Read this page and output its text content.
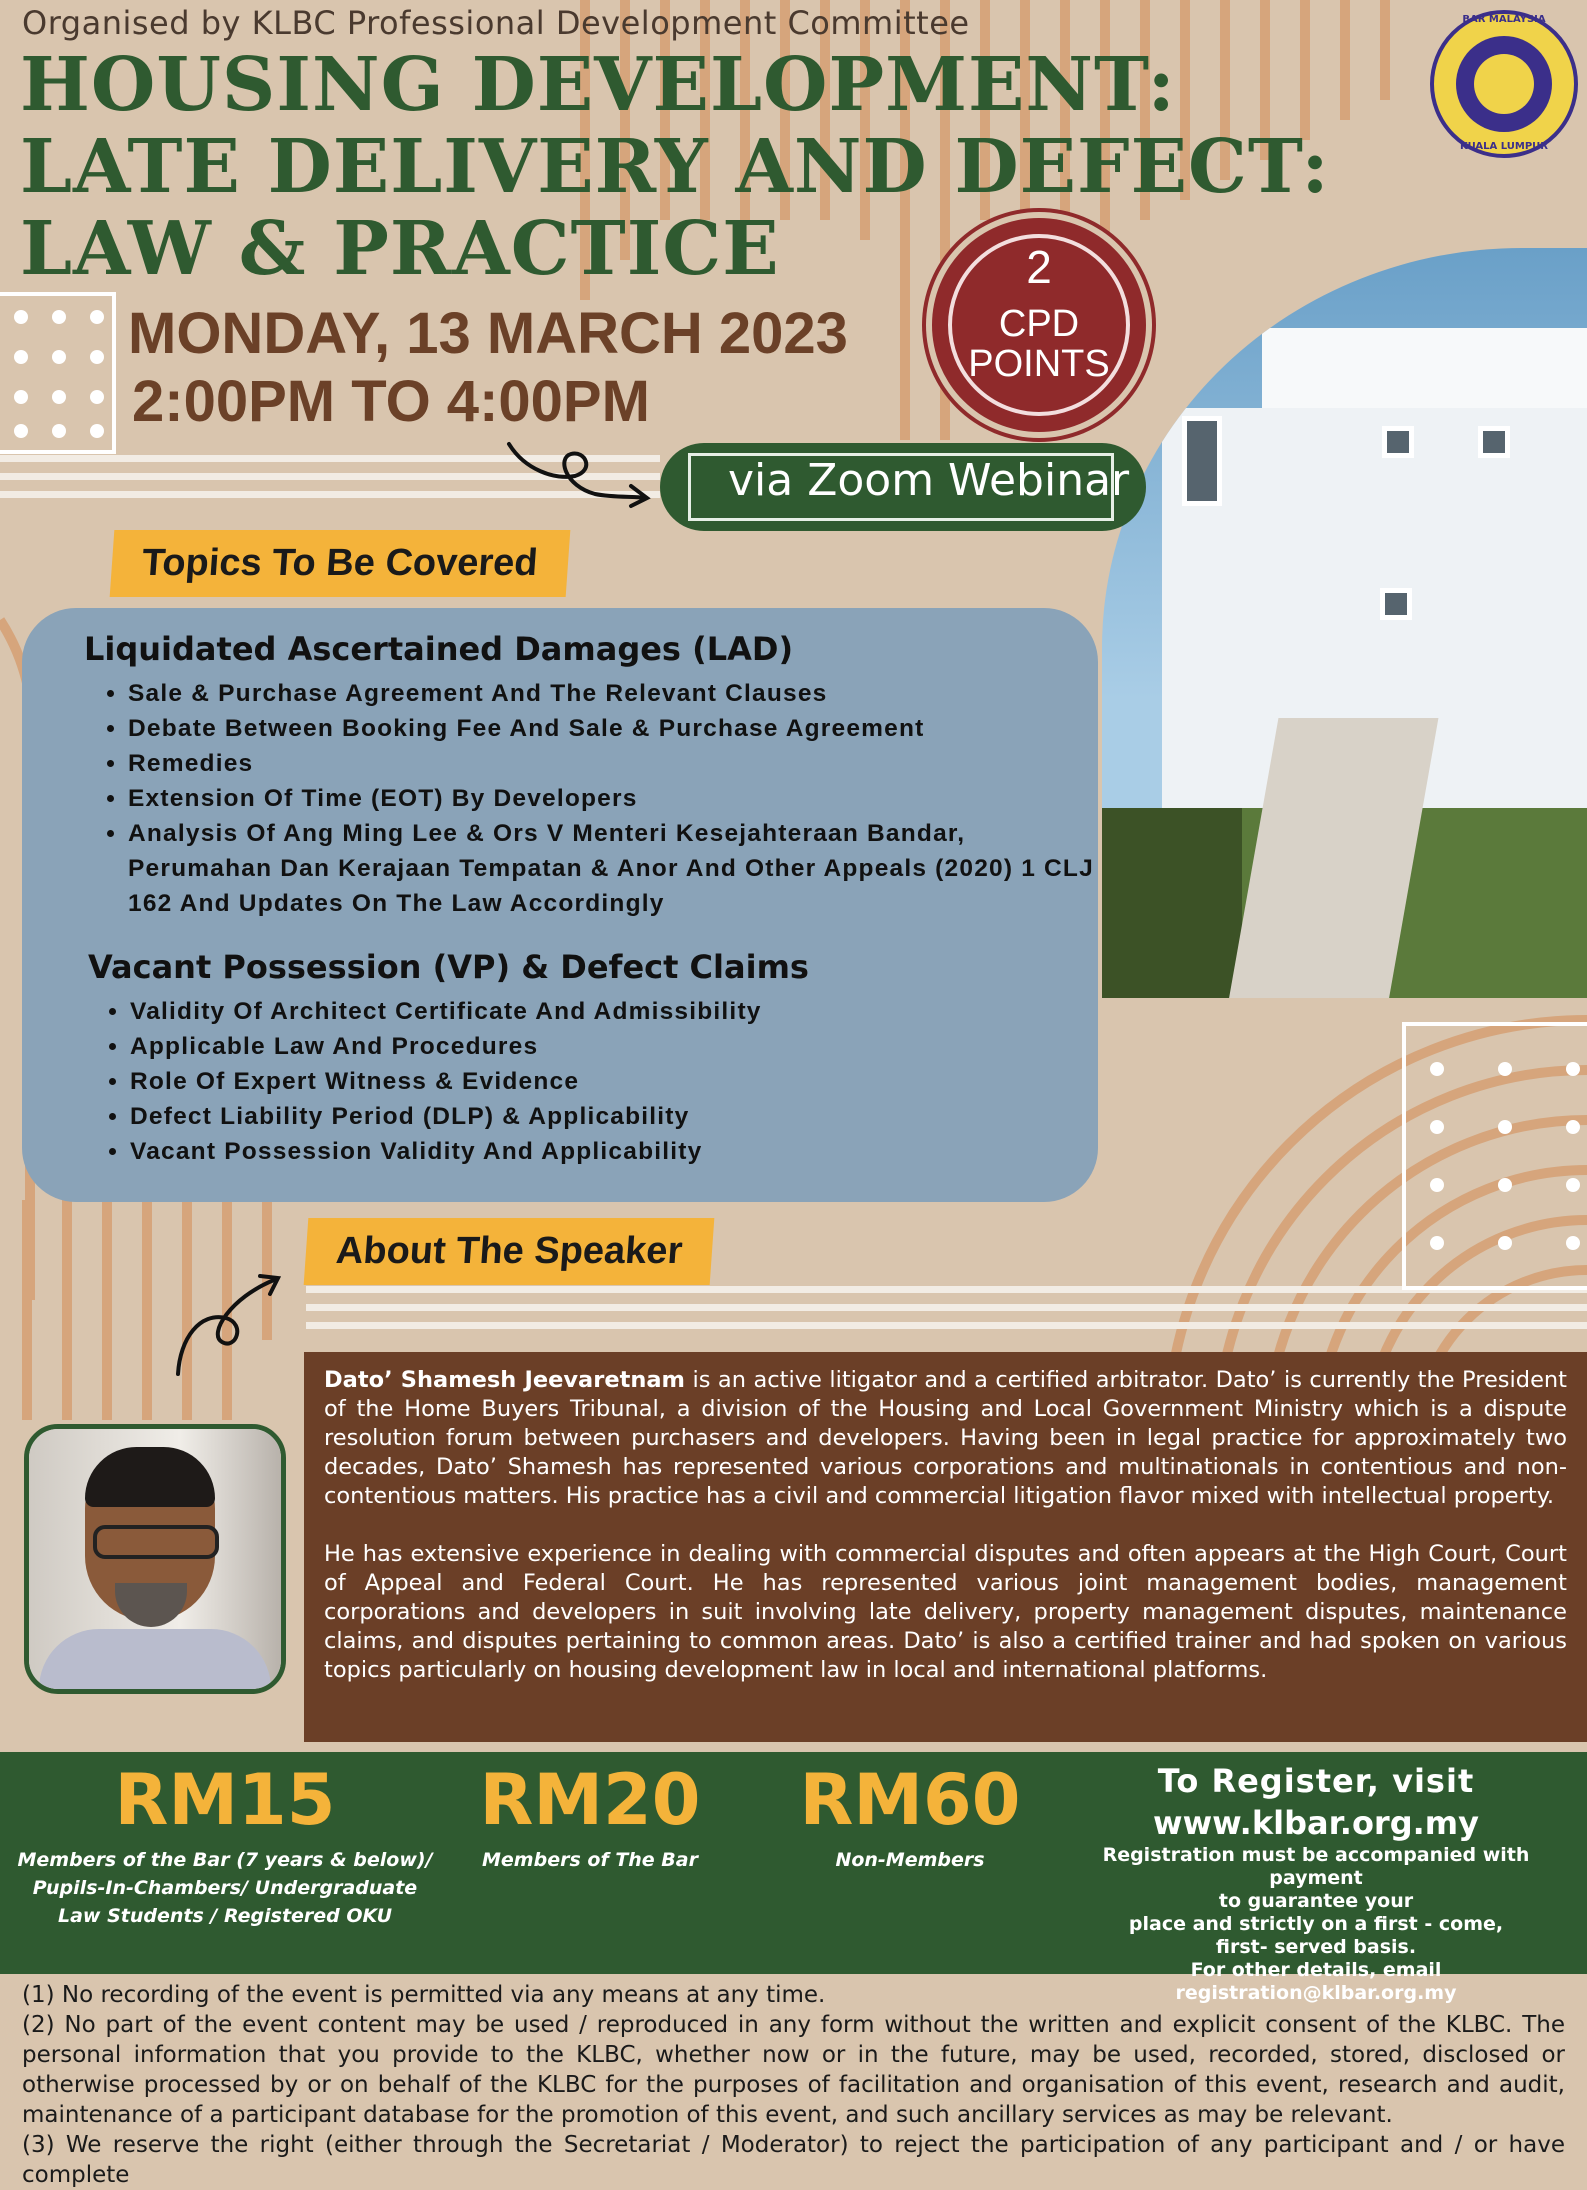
Organised by KLBC Professional Development Committee
HOUSING DEVELOPMENT:
LATE DELIVERY AND DEFECT:
LAW & PRACTICE
BAR MALAYSIA
KUALA LUMPUR
MONDAY, 13 MARCH 2023
2:00PM TO 4:00PM
2
CPD
POINTS
via Zoom Webinar
Topics To Be Covered
Liquidated Ascertained Damages (LAD)
• Sale & Purchase Agreement And The Relevant Clauses
• Debate Between Booking Fee And Sale & Purchase Agreement
• Remedies
• Extension Of Time (EOT) By Developers
• Analysis Of Ang Ming Lee & Ors V Menteri Kesejahteraan Bandar, Perumahan Dan Kerajaan Tempatan & Anor And Other Appeals (2020) 1 CLJ 162 And Updates On The Law Accordingly
Vacant Possession (VP) & Defect Claims
• Validity Of Architect Certificate And Admissibility
• Applicable Law And Procedures
• Role Of Expert Witness & Evidence
• Defect Liability Period (DLP) & Applicability
• Vacant Possession Validity And Applicability
About The Speaker

Dato’ Shamesh Jeevaretnam is an active litigator and a certified arbitrator. Dato’ is currently the President of the Home Buyers Tribunal, a division of the Housing and Local Government Ministry which is a dispute resolution forum between purchasers and developers. Having been in legal practice for approximately two decades, Dato’ Shamesh has represented various corporations and multinationals in contentious and non-contentious matters. His practice has a civil and commercial litigation flavor mixed with intellectual property.

He has extensive experience in dealing with commercial disputes and often appears at the High Court, Court of Appeal and Federal Court. He has represented various joint management bodies, management corporations and developers in suit involving late delivery, property management disputes, maintenance claims, and disputes pertaining to common areas. Dato’ is also a certified trainer and had spoken on various topics particularly on housing development law in local and international platforms.

RM15
Members of the Bar (7 years & below)/
Pupils-In-Chambers/ Undergraduate
Law Students / Registered OKU
RM20
Members of The Bar
RM60
Non-Members
To Register, visit
www.klbar.org.my
Registration must be accompanied with payment
to guarantee your
place and strictly on a first - come,
first- served basis.
For other details, email registration@klbar.org.my

(1) No recording of the event is permitted via any means at any time.

(2) No part of the event content may be used / reproduced in any form without the written and explicit consent of the KLBC. The personal information that you provide to the KLBC, whether now or in the future, may be used, recorded, stored, disclosed or otherwise processed by or on behalf of the KLBC for the purposes of facilitation and organisation of this event, research and audit, maintenance of a participant database for the promotion of this event, and such ancillary services as may be relevant.

(3) We reserve the right (either through the Secretariat / Moderator) to reject the participation of any participant and / or have complete
